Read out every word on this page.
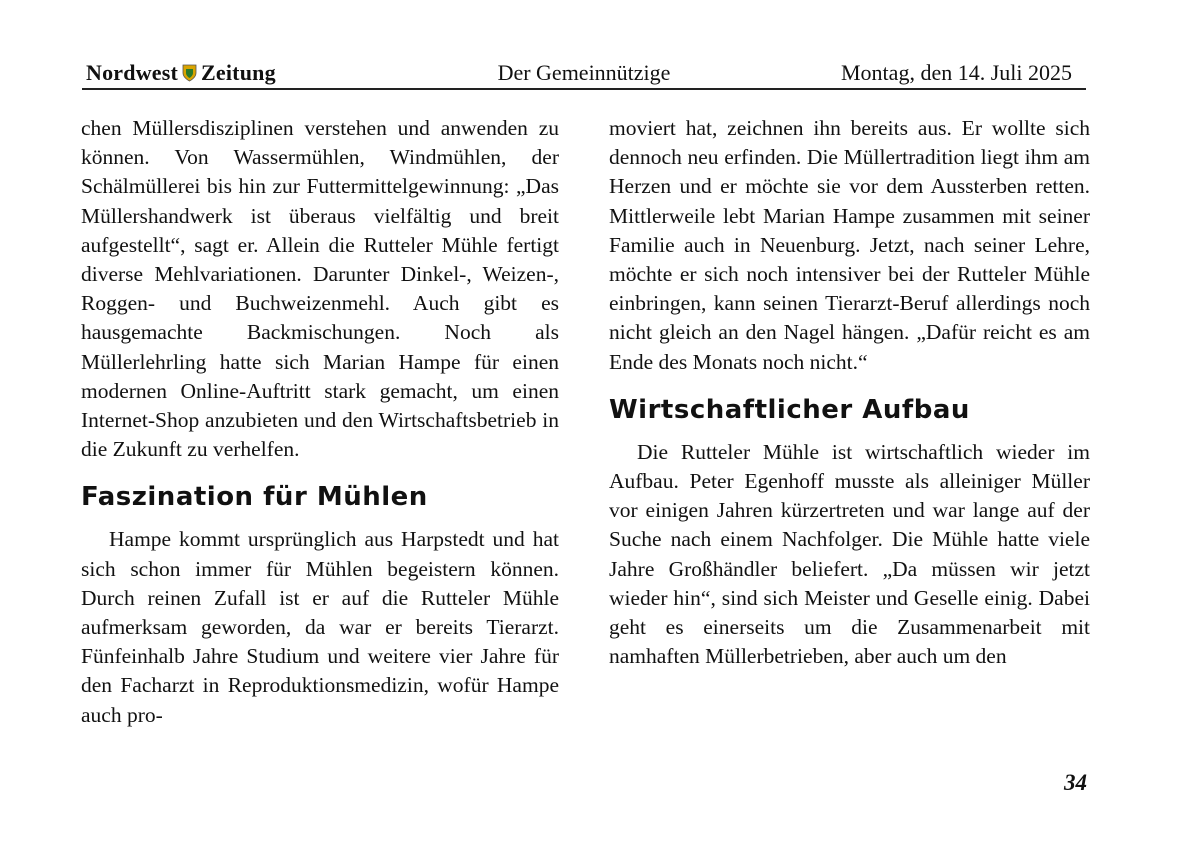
Nordwest Zeitung	Der Gemeinnützige	Montag, den 14. Juli 2025

chen Müllersdisziplinen verstehen und anwenden zu können. Von Wassermühlen, Windmühlen, der Schälmüllerei bis hin zur Futtermittelgewinnung: „Das Müllershandwerk ist überaus vielfältig und breit aufgestellt“, sagt er. Allein die Rutteler Mühle fertigt diverse Mehlvariationen. Darunter Dinkel-, Weizen-, Roggen- und Buchweizenmehl. Auch gibt es hausgemachte Backmischungen. Noch als Müllerlehrling hatte sich Marian Hampe für einen modernen Online-Auftritt stark gemacht, um einen Internet-Shop anzubieten und den Wirtschaftsbetrieb in die Zukunft zu verhelfen.

Faszination für Mühlen

Hampe kommt ursprünglich aus Harpstedt und hat sich schon immer für Mühlen begeistern können. Durch reinen Zufall ist er auf die Rutteler Mühle aufmerksam geworden, da war er bereits Tierarzt. Fünfeinhalb Jahre Studium und weitere vier Jahre für den Facharzt in Reproduktionsmedizin, wofür Hampe auch pro-

moviert hat, zeichnen ihn bereits aus. Er wollte sich dennoch neu erfinden. Die Müllertradition liegt ihm am Herzen und er möchte sie vor dem Aussterben retten. Mittlerweile lebt Marian Hampe zusammen mit seiner Familie auch in Neuenburg. Jetzt, nach seiner Lehre, möchte er sich noch intensiver bei der Rutteler Mühle einbringen, kann seinen Tierarzt-Beruf allerdings noch nicht gleich an den Nagel hängen. „Dafür reicht es am Ende des Monats noch nicht.“

Wirtschaftlicher Aufbau

Die Rutteler Mühle ist wirtschaftlich wieder im Aufbau. Peter Egenhoff musste als alleiniger Müller vor einigen Jahren kürzertreten und war lange auf der Suche nach einem Nachfolger. Die Mühle hatte viele Jahre Großhändler beliefert. „Da müssen wir jetzt wieder hin“, sind sich Meister und Geselle einig. Dabei geht es einerseits um die Zusammenarbeit mit namhaften Müllerbetrieben, aber auch um den

34
